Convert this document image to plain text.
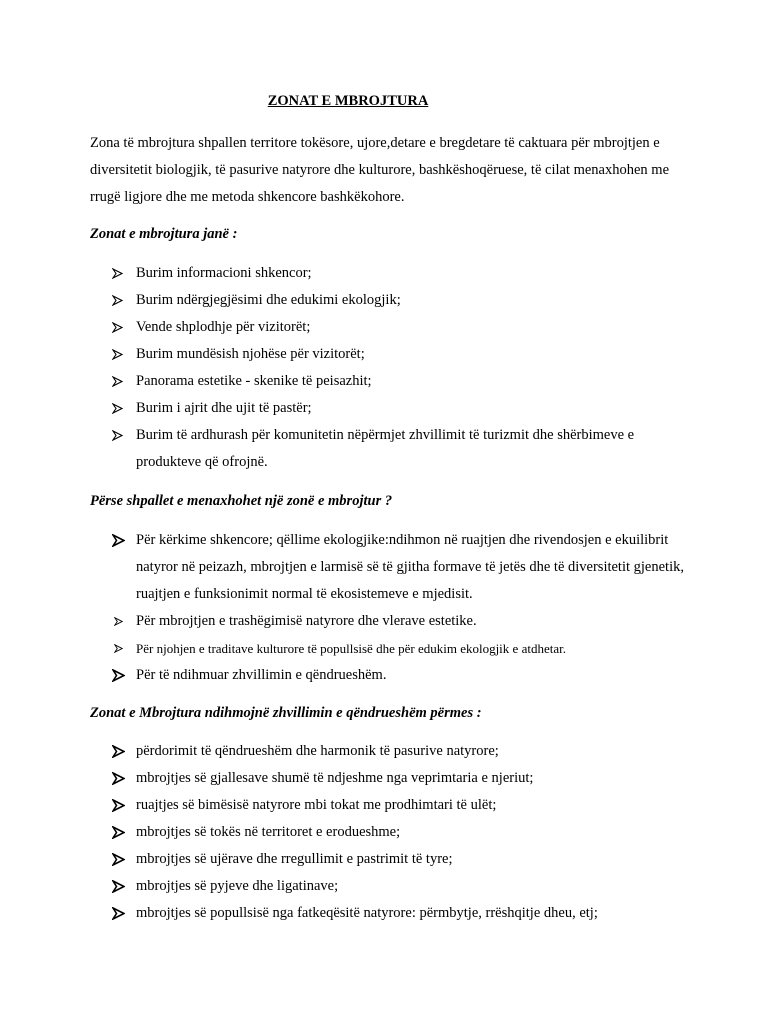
ZONAT E MBROJTURA

Zona të mbrojtura shpallen territore tokësore, ujore,detare e bregdetare të caktuara për mbrojtjen e diversitetit biologjik, të pasurive natyrore dhe kulturore, bashkëshoqëruese, të cilat menaxhohen me rrugë ligjore dhe me metoda shkencore bashkëkohore.

Zonat e mbrojtura janë :

Burim informacioni shkencor;
Burim ndërgjegjësimi dhe edukimi ekologjik;
Vende shplodhje për vizitorët;
Burim mundësish njohëse për vizitorët;
Panorama estetike - skenike të peisazhit;
Burim i ajrit dhe ujit të pastër;
Burim të ardhurash për komunitetin nëpërmjet zhvillimit të turizmit dhe shërbimeve e produkteve që ofrojnë.

Përse shpallet e menaxhohet një zonë e mbrojtur ?

Për kërkime shkencore; qëllime ekologjike:ndihmon në ruajtjen dhe rivendosjen e ekuilibrit natyror në peizazh, mbrojtjen e larmisë së të gjitha formave të jetës dhe të diversitetit gjenetik, ruajtjen e funksionimit normal të ekosistemeve e mjedisit.
Për mbrojtjen e trashëgimisë natyrore dhe vlerave estetike.
Për njohjen e traditave kulturore të popullsisë dhe për edukim ekologjik e atdhetar.
Për të ndihmuar zhvillimin e qëndrueshëm.

Zonat e Mbrojtura ndihmojnë zhvillimin e qëndrueshëm përmes :

përdorimit të qëndrueshëm dhe harmonik të pasurive natyrore;
mbrojtjes së gjallesave shumë të ndjeshme nga veprimtaria e njeriut;
ruajtjes së bimësisë natyrore mbi tokat me prodhimtari të ulët;
mbrojtjes së tokës në territoret e erodueshme;
mbrojtjes së ujërave dhe rregullimit e pastrimit të tyre;
mbrojtjes së pyjeve dhe ligatinave;
mbrojtjes së popullsisë nga fatkeqësitë natyrore: përmbytje, rrëshqitje dheu, etj;
